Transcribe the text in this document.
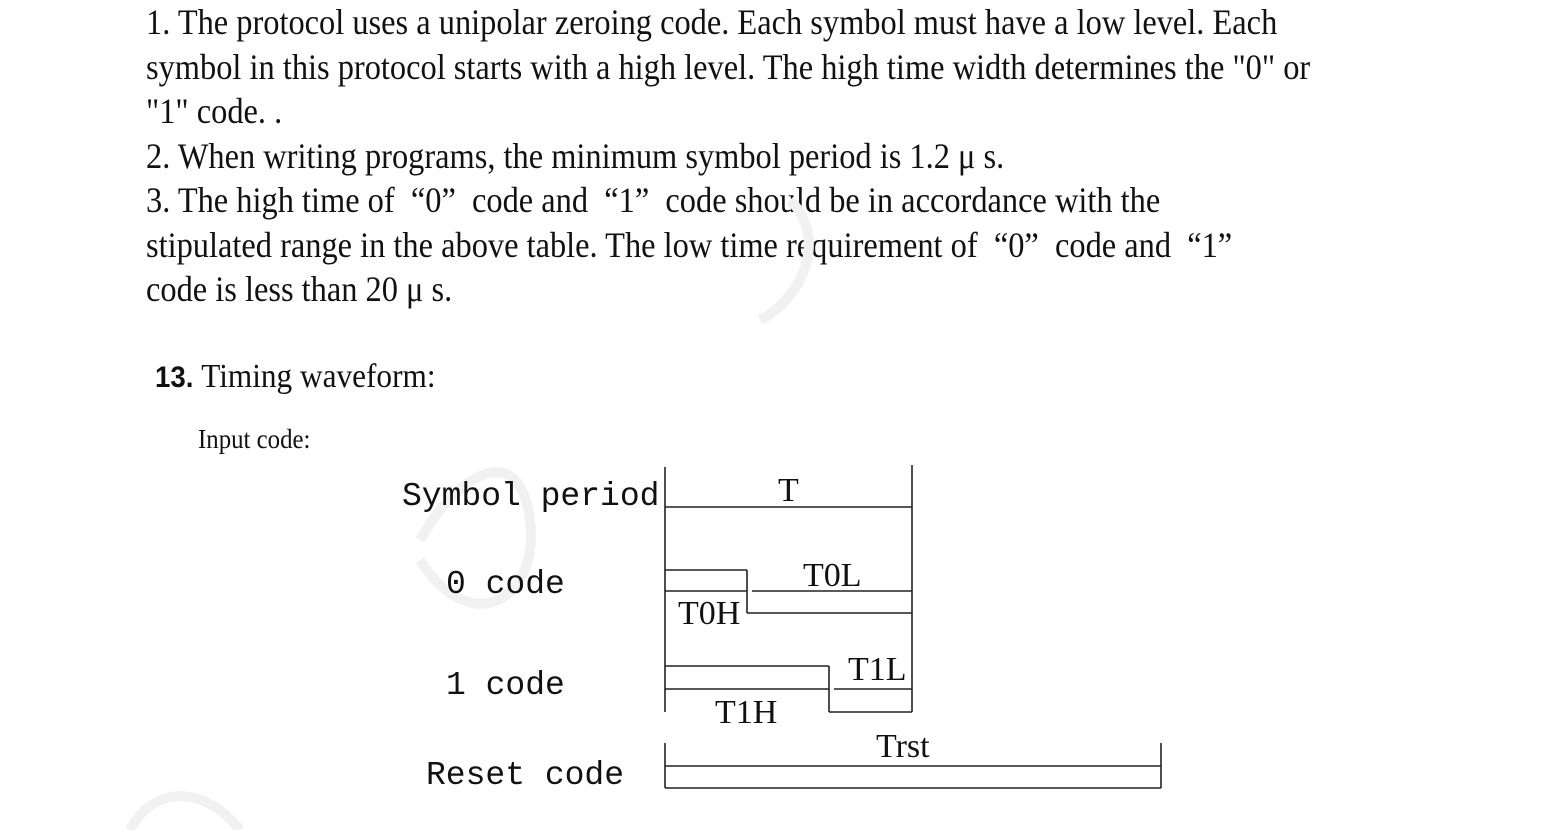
1. The protocol uses a unipolar zeroing code. Each symbol must have a low level. Each

symbol in this protocol starts with a high level. The high time width determines the "0" or

"1" code. .

2. When writing programs, the minimum symbol period is 1.2 μ s.

3. The high time of  “0”  code and  “1”  code should be in accordance with the

stipulated range in the above table. The low time requirement of  “0”  code and  “1”

code is less than 20 μ s.

13. Timing waveform:
Input code:
Symbol period
0 code
1 code
Reset code
T
T0H
T0L
T1H
T1L
Trst
